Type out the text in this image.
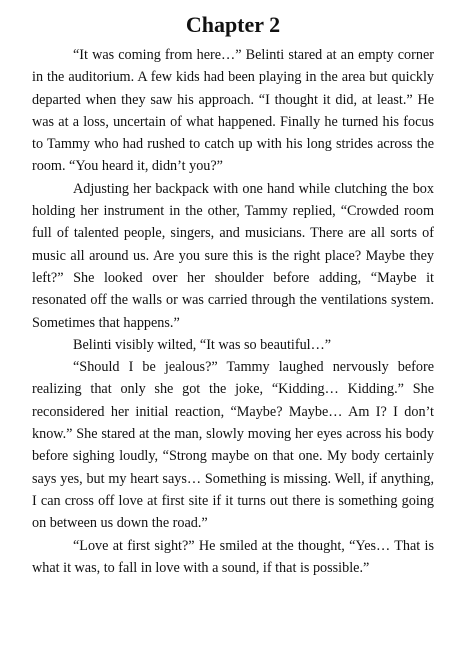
Chapter 2

“It was coming from here…” Belinti stared at an empty corner in the auditorium. A few kids had been playing in the area but quickly departed when they saw his approach. “I thought it did, at least.” He was at a loss, uncertain of what happened. Finally he turned his focus to Tammy who had rushed to catch up with his long strides across the room. “You heard it, didn’t you?”

Adjusting her backpack with one hand while clutching the box holding her instrument in the other, Tammy replied, “Crowded room full of talented people, singers, and musicians. There are all sorts of music all around us. Are you sure this is the right place? Maybe they left?” She looked over her shoulder before adding, “Maybe it resonated off the walls or was carried through the ventilations system. Sometimes that happens.”

Belinti visibly wilted, “It was so beautiful…”

“Should I be jealous?” Tammy laughed nervously before realizing that only she got the joke, “Kidding… Kidding.” She reconsidered her initial reaction, “Maybe? Maybe… Am I? I don’t know.” She stared at the man, slowly moving her eyes across his body before sighing loudly, “Strong maybe on that one. My body certainly says yes, but my heart says… Something is missing. Well, if anything, I can cross off love at first site if it turns out there is something going on between us down the road.”

“Love at first sight?” He smiled at the thought, “Yes… That is what it was, to fall in love with a sound, if that is possible.”
